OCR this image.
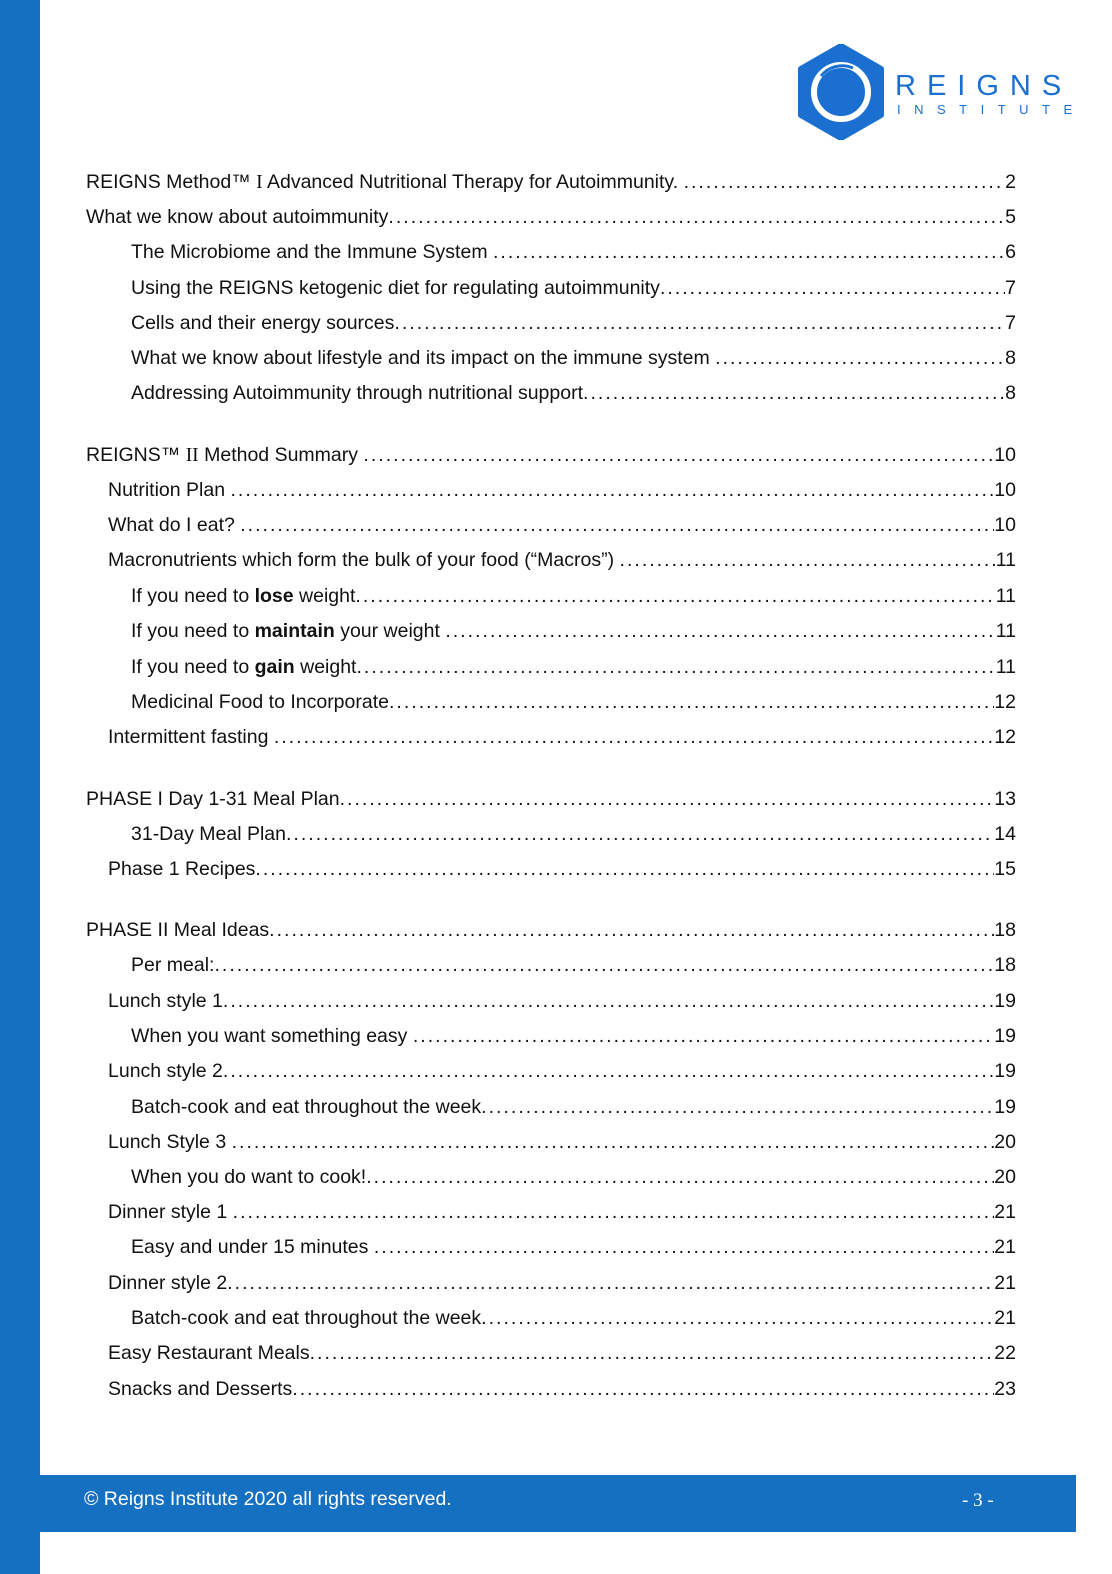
REIGNS
INSTITUTE
REIGNS Method™ I Advanced Nutritional Therapy for Autoimmunity. . . .	2
What we know about autoimmunity . . .	5
The Microbiome and the Immune System . . .	6
Using the REIGNS ketogenic diet for regulating autoimmunity . . .	7
Cells and their energy sources . . .	7
What we know about lifestyle and its impact on the immune system . . .	8
Addressing Autoimmunity through nutritional support . . .	8
REIGNS™ II Method Summary . . .	10
Nutrition Plan . . .	10
What do I eat? . . .	10
Macronutrients which form the bulk of your food (“Macros”) . . .	11
If you need to lose weight . . .	11
If you need to maintain your weight . . .	11
If you need to gain weight . . .	11
Medicinal Food to Incorporate . . .	12
Intermittent fasting . . .	12
PHASE I Day 1-31 Meal Plan . . .	13
31-Day Meal Plan . . .	14
Phase 1 Recipes . . .	15
PHASE II Meal Ideas . . .	18
Per meal: . . .	18
Lunch style 1 . . .	19
When you want something easy . . .	19
Lunch style 2 . . .	19
Batch-cook and eat throughout the week . . .	19
Lunch Style 3 . . .	20
When you do want to cook! . . .	20
Dinner style 1 . . .	21
Easy and under 15 minutes . . .	21
Dinner style 2 . . .	21
Batch-cook and eat throughout the week . . .	21
Easy Restaurant Meals . . .	22
Snacks and Desserts . . .	23
© Reigns Institute 2020 all rights reserved.	- 3 -
